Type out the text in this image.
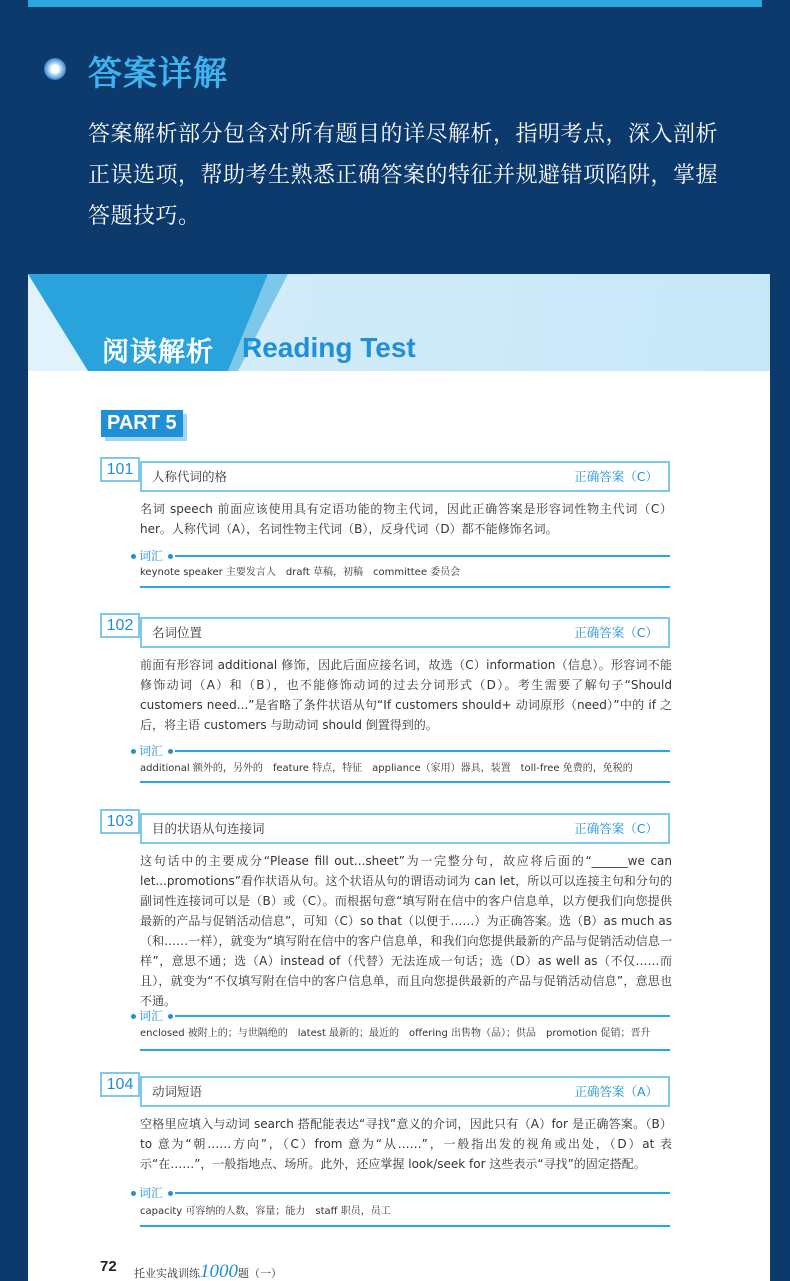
答案详解
答案解析部分包含对所有题目的详尽解析，指明考点，深入剖析正误选项，帮助考生熟悉正确答案的特征并规避错项陷阱，掌握答题技巧。
阅读解析 Reading Test
PART 5
101	人称代词的格	正确答案（C）
名词 speech 前面应该使用具有定语功能的物主代词，因此正确答案是形容词性物主代词（C）her。人称代词（A），名词性物主代词（B），反身代词（D）都不能修饰名词。
词汇
keynote speaker 主要发言人　draft 草稿，初稿　committee 委员会
102	名词位置	正确答案（C）
前面有形容词 additional 修饰，因此后面应接名词，故选（C）information（信息）。形容词不能修饰动词（A）和（B），也不能修饰动词的过去分词形式（D）。考生需要了解句子“Should customers need...”是省略了条件状语从句“If customers should+ 动词原形（need）”中的 if 之后，将主语 customers 与助动词 should 倒置得到的。
词汇
additional 额外的，另外的　feature 特点，特征　appliance（家用）器具，装置　toll-free 免费的，免税的
103	目的状语从句连接词	正确答案（C）
这句话中的主要成分“Please fill out...sheet”为一完整分句，故应将后面的“______we can let...promotions”看作状语从句。这个状语从句的谓语动词为 can let，所以可以连接主句和分句的副词性连接词可以是（B）或（C）。而根据句意“填写附在信中的客户信息单，以方便我们向您提供最新的产品与促销活动信息”，可知（C）so that（以便于……）为正确答案。选（B）as much as（和……一样），就变为“填写附在信中的客户信息单，和我们向您提供最新的产品与促销活动信息一样”，意思不通；选（A）instead of（代替）无法连成一句话；选（D）as well as（不仅……而且），就变为“不仅填写附在信中的客户信息单，而且向您提供最新的产品与促销活动信息”，意思也不通。
词汇
enclosed 被附上的；与世隔绝的　latest 最新的；最近的　offering 出售物（品）；供品　promotion 促销；晋升
104	动词短语	正确答案（A）
空格里应填入与动词 search 搭配能表达“寻找”意义的介词，因此只有（A）for 是正确答案。（B）to 意为“朝……方向”，（C）from 意为“从……”，一般指出发的视角或出处，（D）at 表示“在……”，一般指地点、场所。此外，还应掌握 look/seek for 这些表示“寻找”的固定搭配。
词汇
capacity 可容纳的人数，容量；能力　staff 职员，员工
72 托业实战训练1000题（一）
